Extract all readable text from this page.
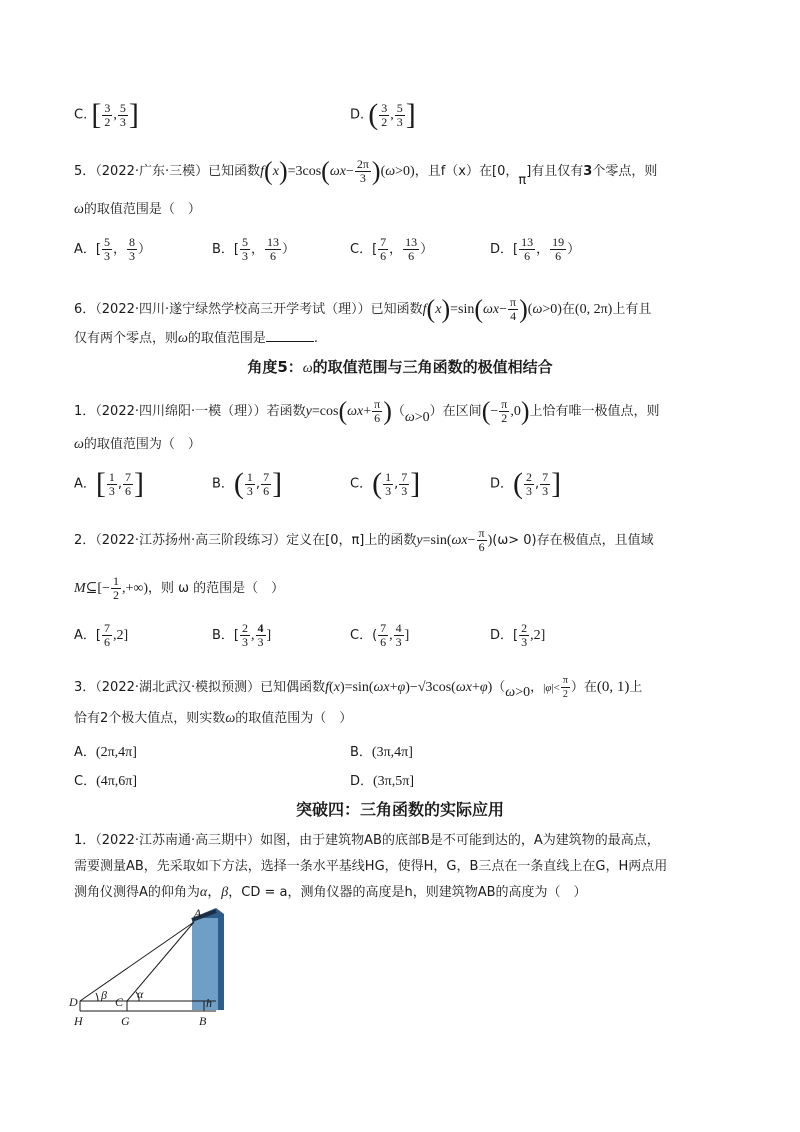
C. [ $\frac{3}{2}$ , $\frac{5}{3}$ ]	D. ( $\frac{3}{2}$ , $\frac{5}{3}$ ]
5．（2022·广东·三模）已知函数$f(x)=3\cos(\omega x- \frac{2\pi}{3} )(\omega>0)$，且f（x）在[0，π]有且仅有3个零点，则
ω的取值范围是（　）
A．[ $\frac{5}{3}$ ， $\frac{8}{3}$ ）	B．[ $\frac{5}{3}$ ， $\frac{13}{6}$ ）	C．[ $\frac{7}{6}$ ， $\frac{13}{6}$ ）	D．[ $\frac{13}{6}$ ， $\frac{19}{6}$ ）
6．（2022·四川·遂宁绿然学校高三开学考试（理））已知函数$f(x)=\sin(\omega x- \frac{\pi}{4} )(\omega>0)$在(0, 2π)上有且
仅有两个零点，则ω的取值范围是	.
角度5：ω的取值范围与三角函数的极值相结合
1．（2022·四川绵阳·一模（理））若函数$y=\cos(\omega x+ \frac{\pi}{6} )(\omega>0)$在区间(− $\frac{\pi}{2} ,0$)上恰有唯一极值点，则
ω的取值范围为（　）
A．[ $\frac{1}{3}$ , $\frac{7}{6}$ ]	B．( $\frac{1}{3}$ , $\frac{7}{6}$ ]	C．( $\frac{1}{3}$ , $\frac{7}{3}$ ]	D．( $\frac{2}{3}$ , $\frac{7}{3}$ ]
2．（2022·江苏扬州·高三阶段练习）定义在[0，π]上的函数$y=\sin(\omega x- \frac{\pi}{6} )(\omega> 0)$存在极值点，且值域
M⊆[− $\frac{1}{2}$ ,+∞)，则 ω 的范围是（　）
A．[ $\frac{7}{6} ,2$]	B．[ $\frac{2}{3}$ , $\frac{4}{3}$ ]	C．( $\frac{7}{6}$ , $\frac{4}{3}$ ]	D．[ $\frac{2}{3} ,2$]
3．（2022·湖北武汉·模拟预测）已知偶函数f(x)=sin(ωx+φ)−√3cos(ωx+φ)（ω>0，$|\varphi|< \frac{\pi}{2}$ ）在(0, 1)上
恰有2个极大值点，则实数ω的取值范围为（　）
A．(2π,4π]	B．(3π,4π]
C．(4π,6π]	D．(3π,5π]
突破四：三角函数的实际应用
1．（2022·江苏南通·高三期中）如图，由于建筑物AB的底部B是不可能到达的，A为建筑物的最高点，
需要测量AB，先采取如下方法，选择一条水平基线HG，使得H，G，B三点在一条直线上在G，H两点用
测角仪测得A的仰角为α，β，CD = a，测角仪器的高度是h，则建筑物AB的高度为（　）
A
D β C
α
h
H	G	B
